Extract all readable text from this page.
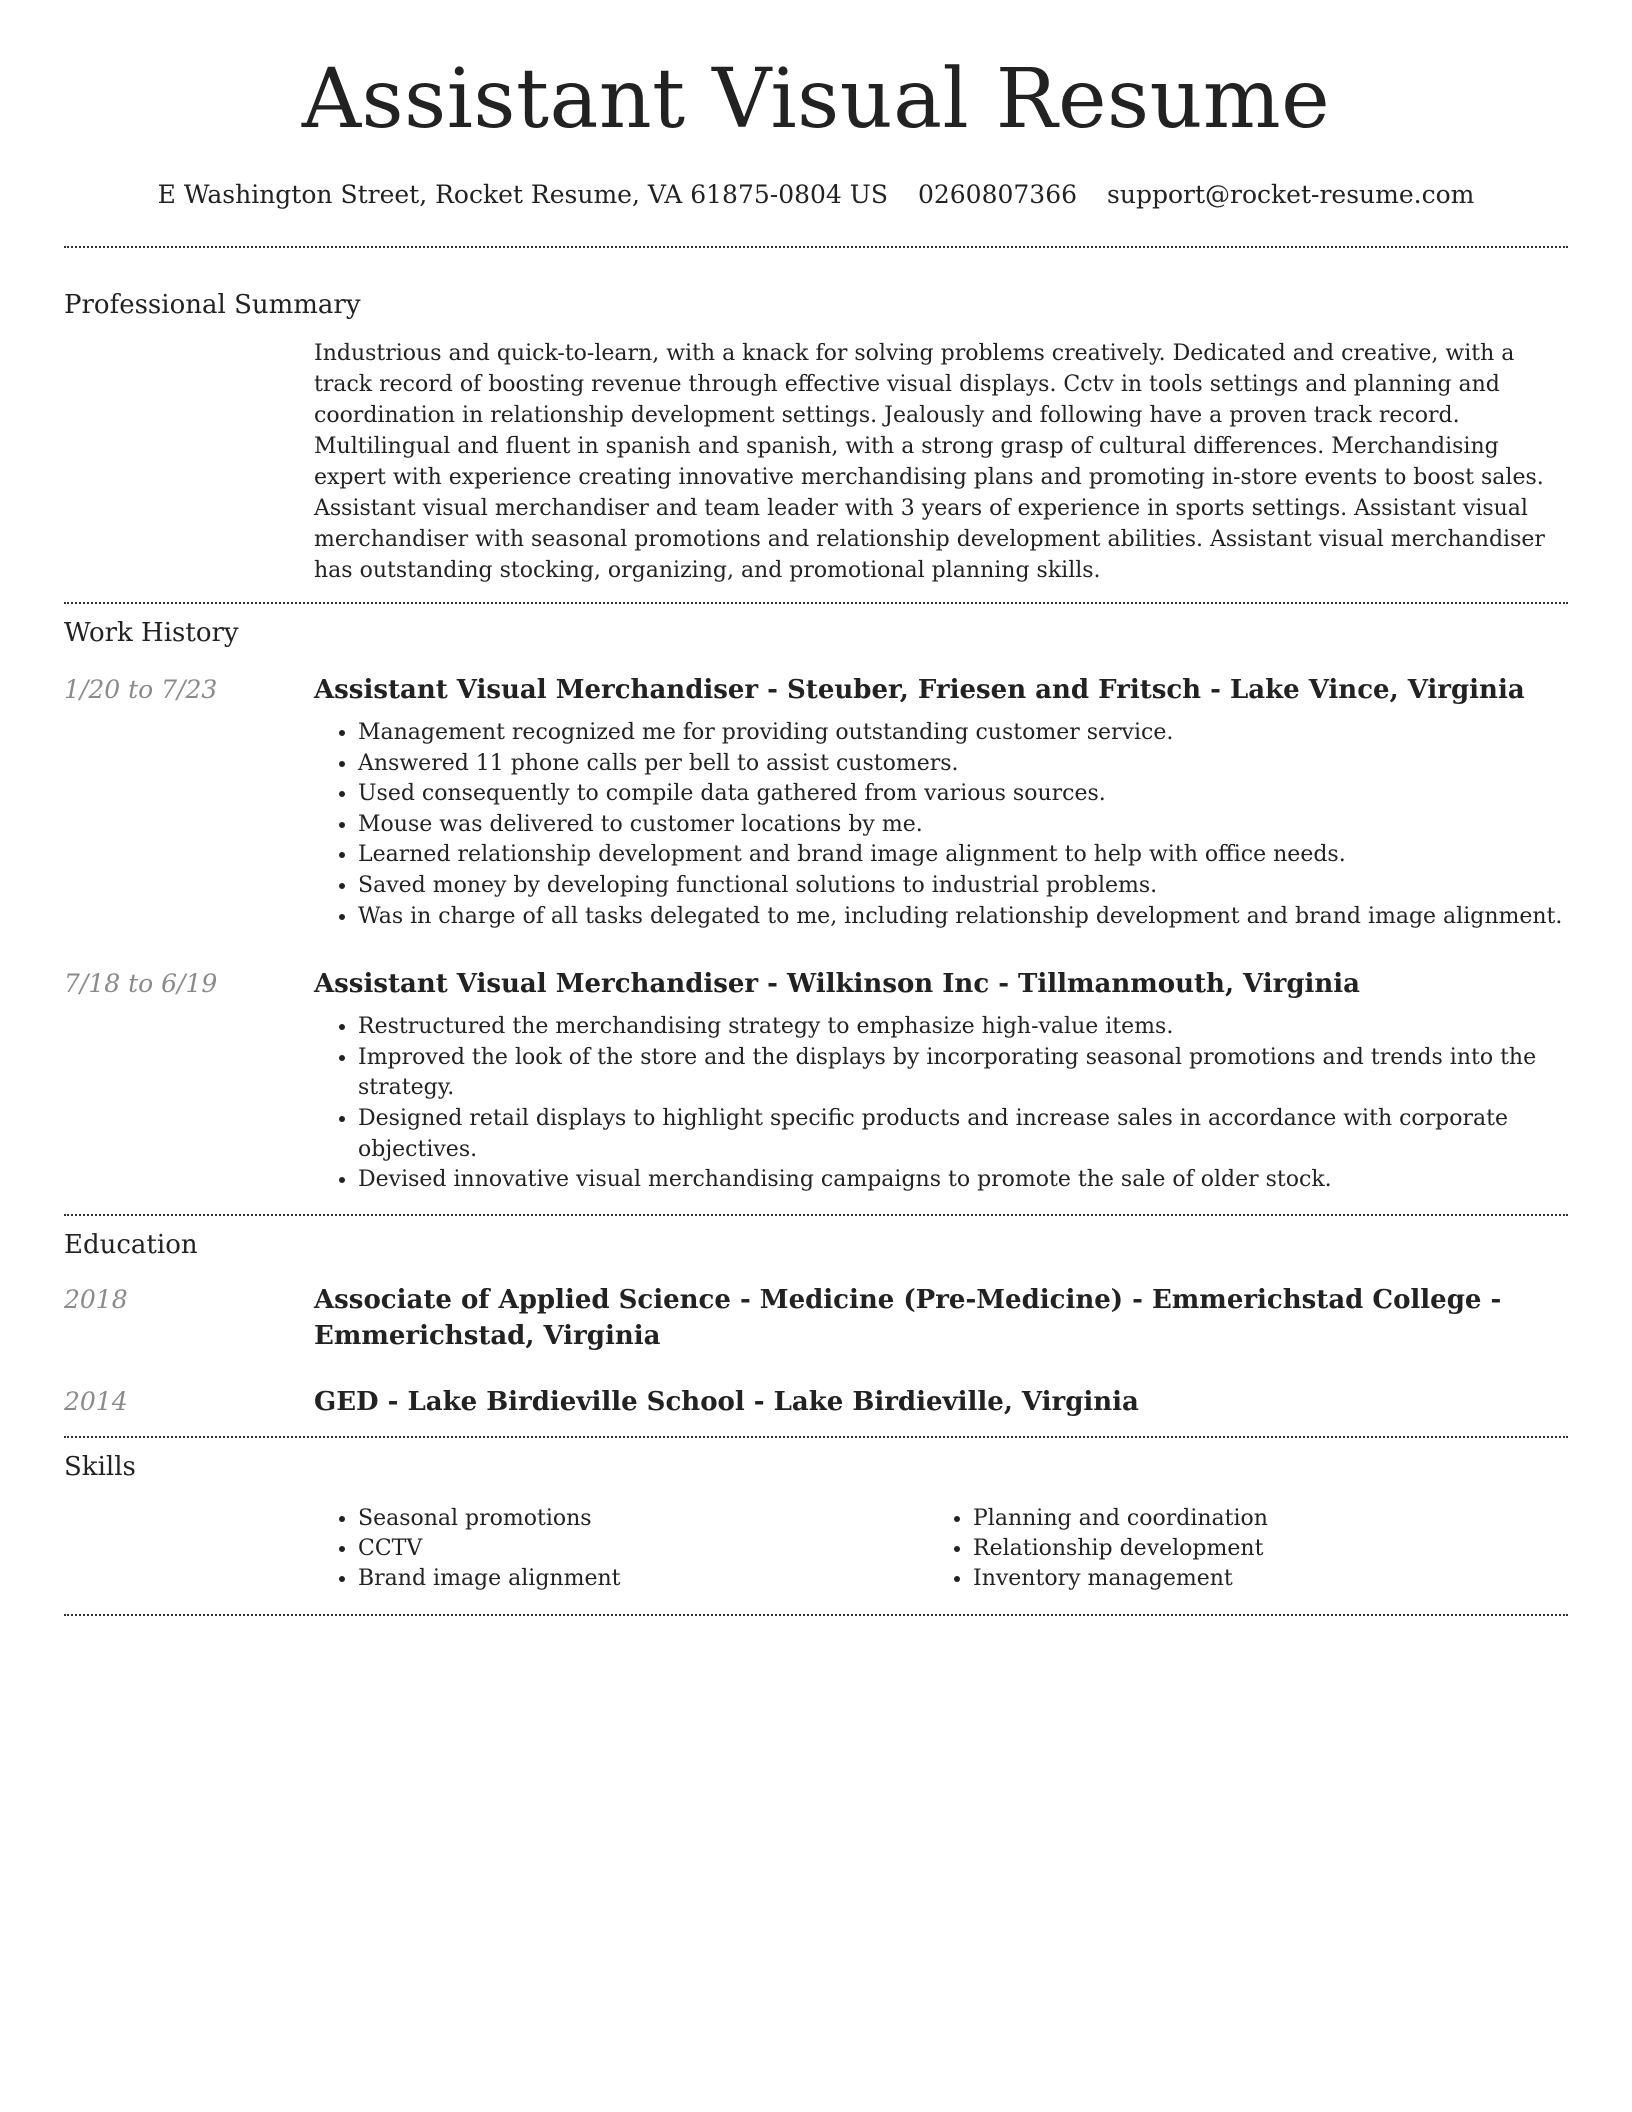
Assistant Visual Resume
E Washington Street, Rocket Resume, VA 61875-0804 US 0260807366 support@rocket-resume.com
Professional Summary

Industrious and quick-to-learn, with a knack for solving problems creatively. Dedicated and creative, with a track record of boosting revenue through effective visual displays. Cctv in tools settings and planning and coordination in relationship development settings. Jealously and following have a proven track record. Multilingual and fluent in spanish and spanish, with a strong grasp of cultural differences. Merchandising expert with experience creating innovative merchandising plans and promoting in-store events to boost sales. Assistant visual merchandiser and team leader with 3 years of experience in sports settings. Assistant visual merchandiser with seasonal promotions and relationship development abilities. Assistant visual merchandiser has outstanding stocking, organizing, and promotional planning skills.

Work History
1/20 to 7/23	Assistant Visual Merchandiser - Steuber, Friesen and Fritsch - Lake Vince, Virginia
• Management recognized me for providing outstanding customer service.
• Answered 11 phone calls per bell to assist customers.
• Used consequently to compile data gathered from various sources.
• Mouse was delivered to customer locations by me.
• Learned relationship development and brand image alignment to help with office needs.
• Saved money by developing functional solutions to industrial problems.
• Was in charge of all tasks delegated to me, including relationship development and brand image alignment.
7/18 to 6/19	Assistant Visual Merchandiser - Wilkinson Inc - Tillmanmouth, Virginia
• Restructured the merchandising strategy to emphasize high-value items.
• Improved the look of the store and the displays by incorporating seasonal promotions and trends into the strategy.
• Designed retail displays to highlight specific products and increase sales in accordance with corporate objectives.
• Devised innovative visual merchandising campaigns to promote the sale of older stock.
Education
2018	Associate of Applied Science - Medicine (Pre-Medicine) - Emmerichstad College - Emmerichstad, Virginia
2014	GED - Lake Birdieville School - Lake Birdieville, Virginia
Skills
• Seasonal promotions
• CCTV
• Brand image alignment
• Planning and coordination
• Relationship development
• Inventory management
